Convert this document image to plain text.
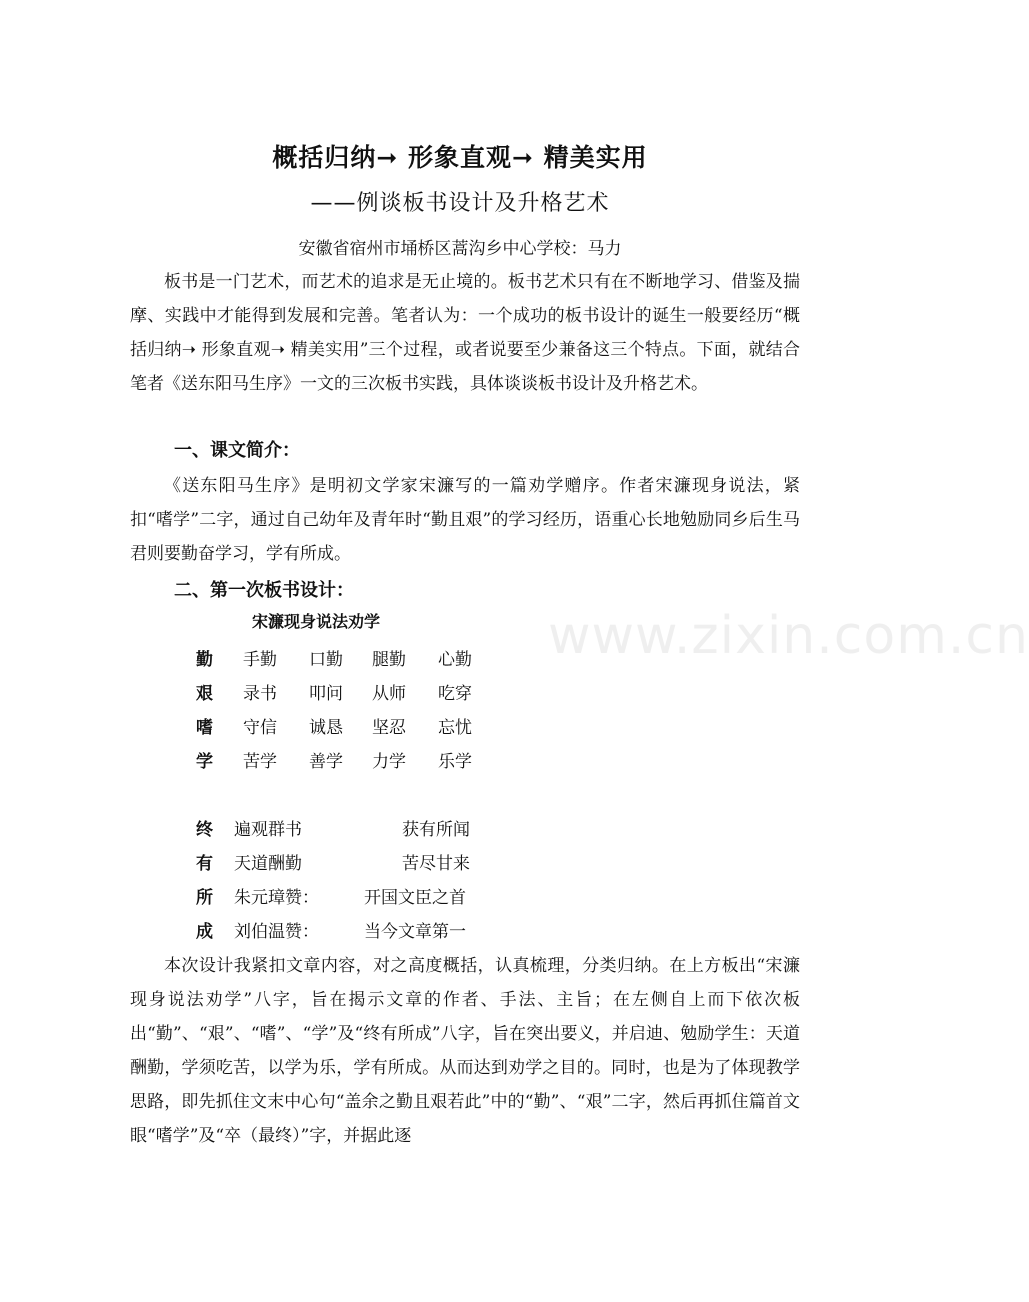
概括归纳➞ 形象直观➞ 精美实用
——例谈板书设计及升格艺术
安徽省宿州市埇桥区蒿沟乡中心学校：马力

板书是一门艺术，而艺术的追求是无止境的。板书艺术只有在不断地学习、借鉴及揣摩、实践中才能得到发展和完善。笔者认为：一个成功的板书设计的诞生一般要经历“概括归纳➝ 形象直观➝ 精美实用”三个过程，或者说要至少兼备这三个特点。下面，就结合笔者《送东阳马生序》一文的三次板书实践，具体谈谈板书设计及升格艺术。

一、课文简介：

《送东阳马生序》是明初文学家宋濂写的一篇劝学赠序。作者宋濂现身说法，紧扣“嗜学”二字，通过自己幼年及青年时“勤且艰”的学习经历，语重心长地勉励同乡后生马君则要勤奋学习，学有所成。

二、第一次板书设计：
宋濂现身说法劝学
勤 手勤 口勤 腿勤 心勤
艰 录书 叩问 从师 吃穿
嗜 守信 诚恳 坚忍 忘忧
学 苦学 善学 力学 乐学
终 遍观群书	获有所闻
有 天道酬勤	苦尽甘来
所 朱元璋赞：	开国文臣之首
成 刘伯温赞：	当今文章第一

本次设计我紧扣文章内容，对之高度概括，认真梳理，分类归纳。在上方板出“宋濂现身说法劝学”八字，旨在揭示文章的作者、手法、主旨；在左侧自上而下依次板出“勤”、“艰”、“嗜”、“学”及“终有所成”八字，旨在突出要义，并启迪、勉励学生：天道酬勤，学须吃苦，以学为乐，学有所成。从而达到劝学之目的。同时，也是为了体现教学思路，即先抓住文末中心句“盖余之勤且艰若此”中的“勤”、“艰”二字，然后再抓住篇首文眼“嗜学”及“卒（最终）”字，并据此逐

www.zixin.com.cn
